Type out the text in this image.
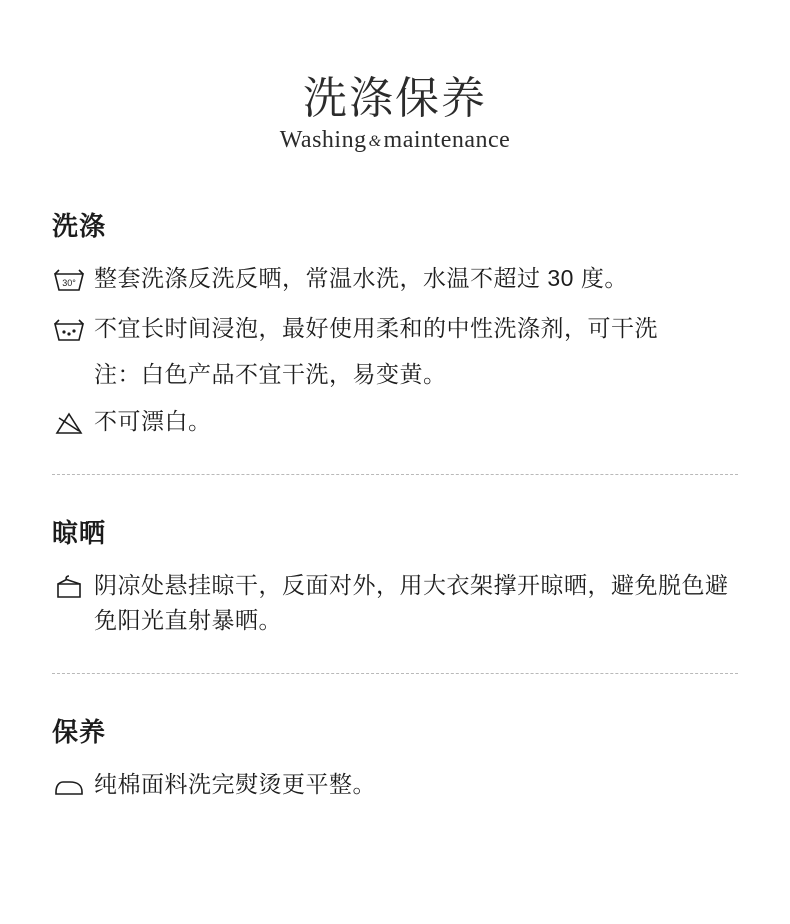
洗涤保养

Washing &maintenance

洗涤
30° 整套洗涤反洗反晒，常温水洗，水温不超过 30 度。
不宜长时间浸泡，最好使用柔和的中性洗涤剂，可干洗
注：白色产品不宜干洗，易变黄。
不可漂白。
晾晒
阴凉处悬挂晾干，反面对外，用大衣架撑开晾晒，避免脱色避免阳光直射暴晒。
保养
纯棉面料洗完熨烫更平整。
